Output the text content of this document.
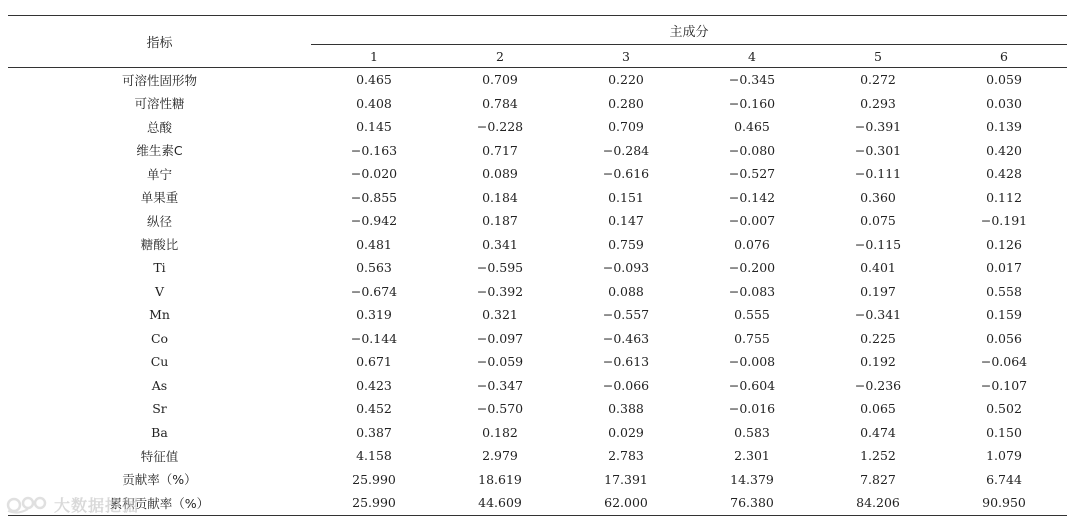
指标	主成分					
	1	2	3	4	5	6
可溶性固形物	0.465	0.709	0.220	−0.345	0.272	0.059
可溶性糖	0.408	0.784	0.280	−0.160	0.293	0.030
总酸	0.145	−0.228	0.709	0.465	−0.391	0.139
维生素C	−0.163	0.717	−0.284	−0.080	−0.301	0.420
单宁	−0.020	0.089	−0.616	−0.527	−0.111	0.428
单果重	−0.855	0.184	0.151	−0.142	0.360	0.112
纵径	−0.942	0.187	0.147	−0.007	0.075	−0.191
糖酸比	0.481	0.341	0.759	0.076	−0.115	0.126
Ti	0.563	−0.595	−0.093	−0.200	0.401	0.017
V	−0.674	−0.392	0.088	−0.083	0.197	0.558
Mn	0.319	0.321	−0.557	0.555	−0.341	0.159
Co	−0.144	−0.097	−0.463	0.755	0.225	0.056
Cu	0.671	−0.059	−0.613	−0.008	0.192	−0.064
As	0.423	−0.347	−0.066	−0.604	−0.236	−0.107
Sr	0.452	−0.570	0.388	−0.016	0.065	0.502
Ba	0.387	0.182	0.029	0.583	0.474	0.150
特征值	4.158	2.979	2.783	2.301	1.252	1.079
贡献率（%）	25.990	18.619	17.391	14.379	7.827	6.744
累积贡献率（%）	25.990	44.609	62.000	76.380	84.206	90.950
大数据挖掘
